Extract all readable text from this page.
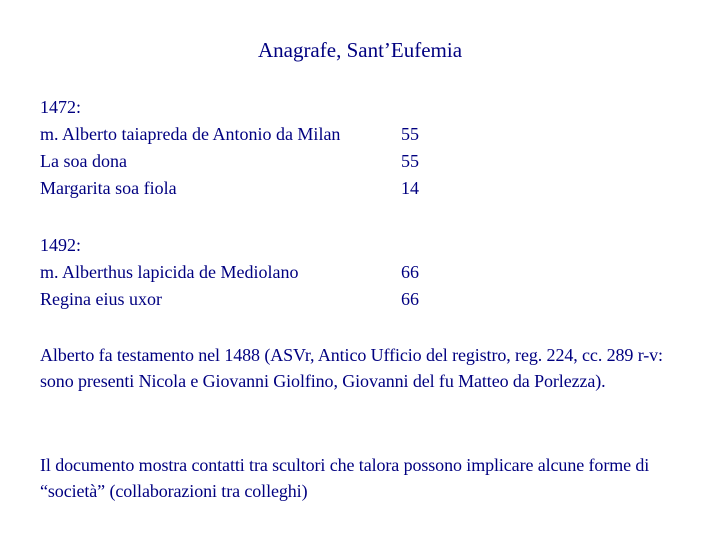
Anagrafe, Sant’Eufemia
1472:
m. Alberto taiapreda de Antonio da Milan	55
La soa dona	55
Margarita soa fiola	14
1492:
m. Alberthus lapicida de Mediolano	66
Regina eius uxor	66
Alberto fa testamento nel 1488 (ASVr, Antico Ufficio del registro, reg. 224, cc. 289 r-v: sono presenti Nicola e Giovanni Giolfino, Giovanni del fu Matteo da Porlezza).
Il documento mostra contatti tra scultori che talora possono implicare alcune forme di “società” (collaborazioni tra colleghi)
